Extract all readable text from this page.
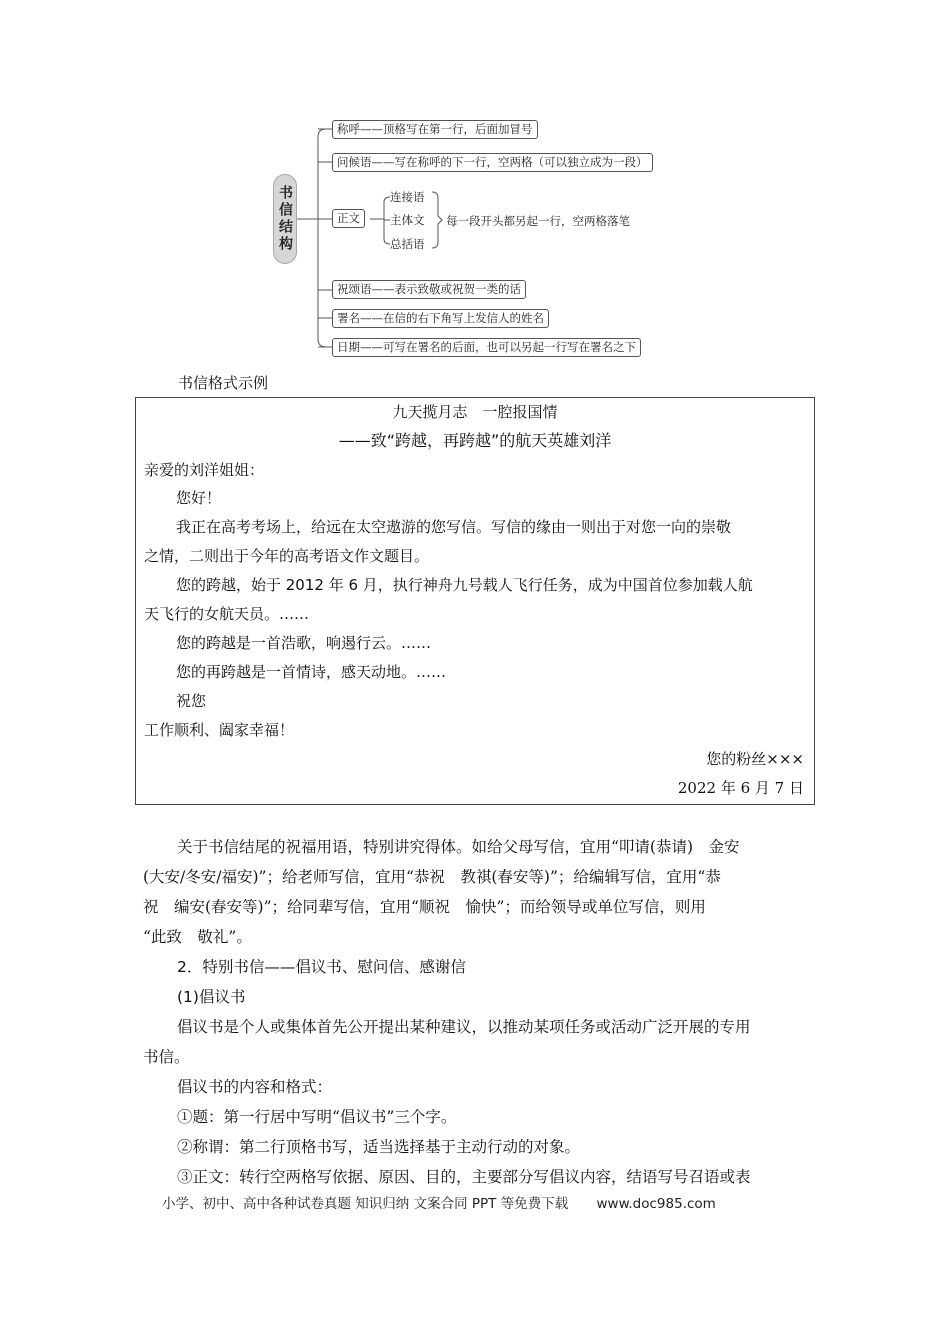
书信结构
称呼——顶格写在第一行，后面加冒号
问候语——写在称呼的下一行，空两格（可以独立成为一段）
正文
连接语
主体文
总括语
每一段开头都另起一行，空两格落笔
祝颂语——表示致敬或祝贺一类的话
署名——在信的右下角写上发信人的姓名
日期——可写在署名的后面，也可以另起一行写在署名之下
书信格式示例
九天揽月志　一腔报国情
——致“跨越，再跨越”的航天英雄刘洋
亲爱的刘洋姐姐：
您好！
我正在高考考场上，给远在太空遨游的您写信。写信的缘由一则出于对您一向的崇敬
之情，二则出于今年的高考语文作文题目。
您的跨越，始于 2012 年 6 月，执行神舟九号载人飞行任务，成为中国首位参加载人航
天飞行的女航天员。……
您的跨越是一首浩歌，响遏行云。……
您的再跨越是一首情诗，感天动地。……
祝您
工作顺利、阖家幸福！
您的粉丝×××
2022 年 6 月 7 日
关于书信结尾的祝福用语，特别讲究得体。如给父母写信，宜用“叩请(恭请)　金安
(大安/冬安/福安)”；给老师写信，宜用“恭祝　教祺(春安等)”；给编辑写信，宜用“恭
祝　编安(春安等)”；给同辈写信，宜用“顺祝　愉快”；而给领导或单位写信，则用
“此致　敬礼”。
2．特别书信——倡议书、慰问信、感谢信
(1)倡议书
倡议书是个人或集体首先公开提出某种建议，以推动某项任务或活动广泛开展的专用
书信。
倡议书的内容和格式：
①题：第一行居中写明“倡议书”三个字。
②称谓：第二行顶格书写，适当选择基于主动行动的对象。
③正文：转行空两格写依据、原因、目的，主要部分写倡议内容，结语写号召语或表
小学、初中、高中各种试卷真题 知识归纳 文案合同 PPT 等免费下载 www.doc985.com
